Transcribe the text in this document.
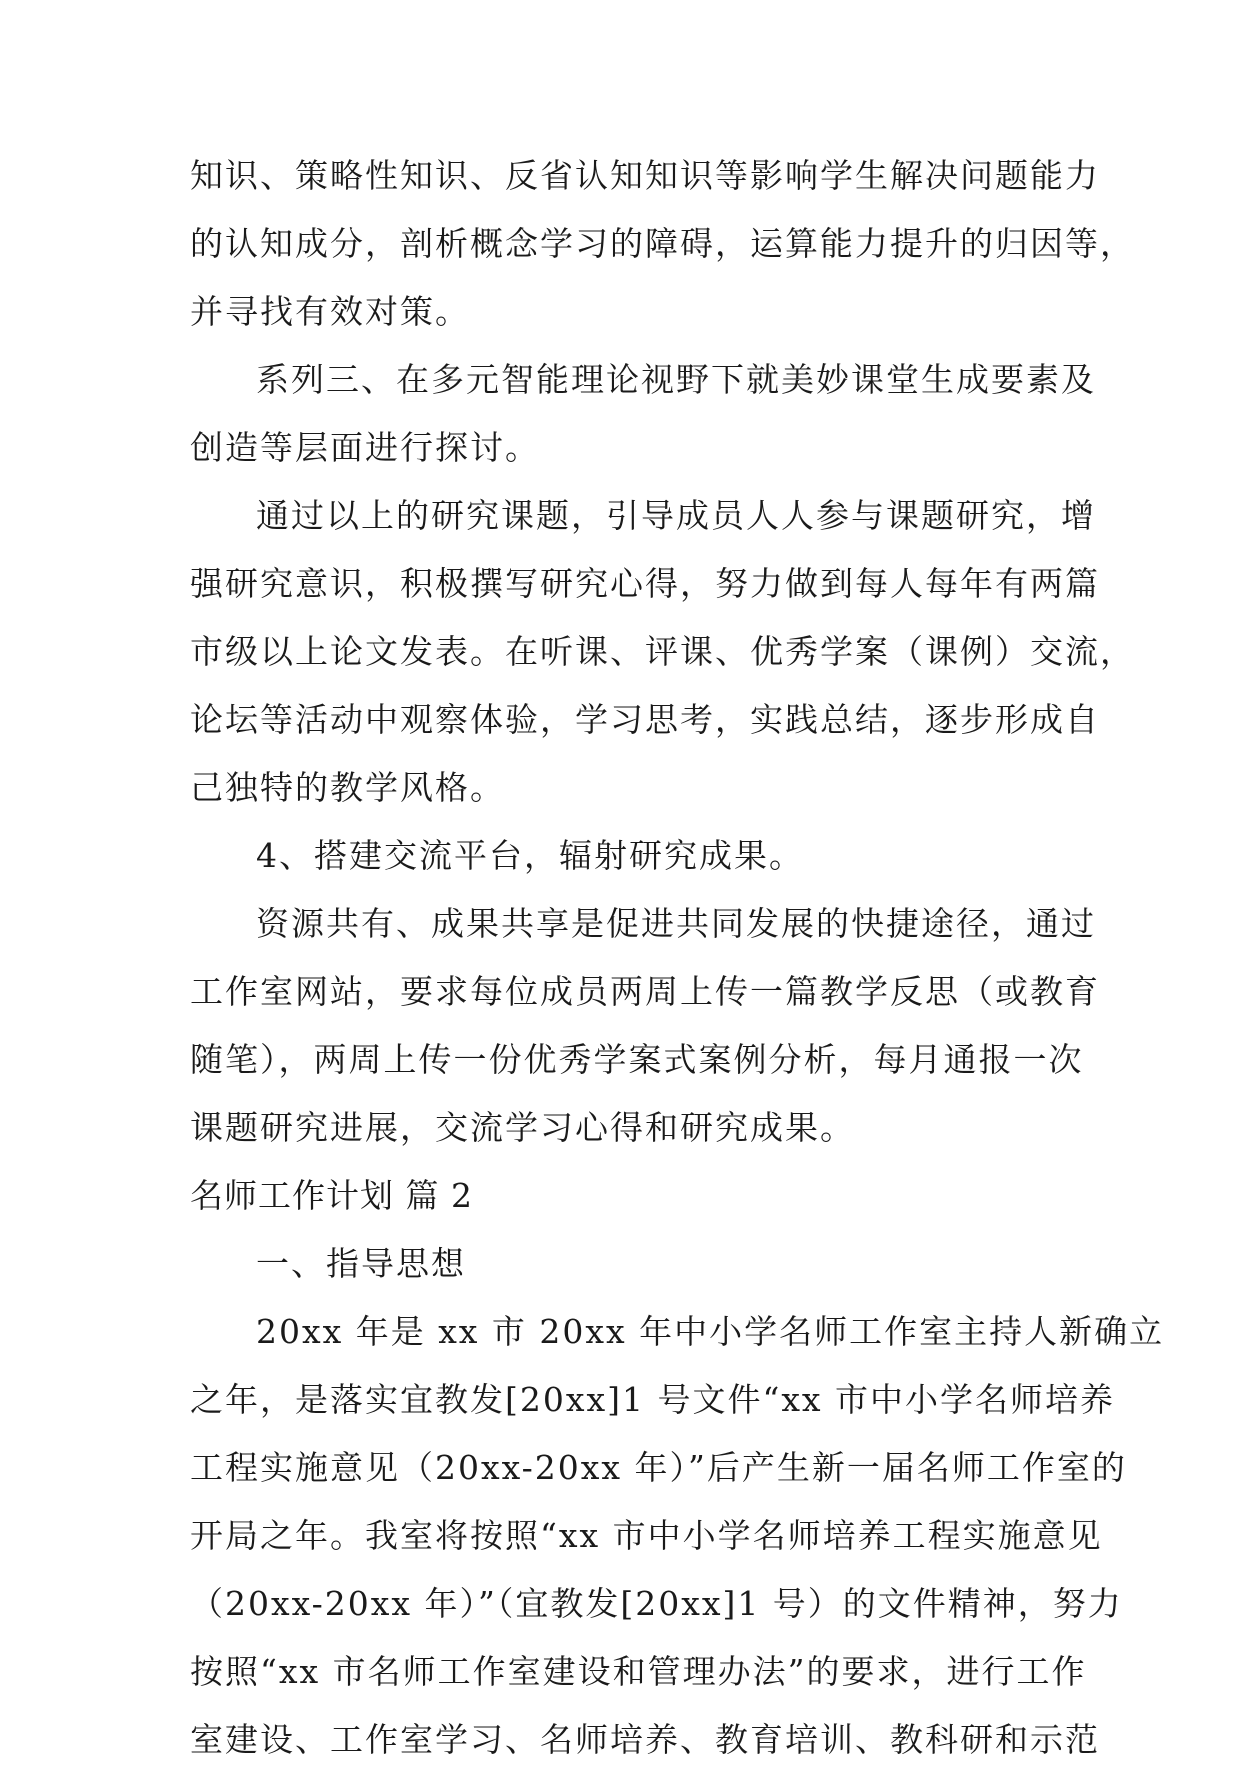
知识、策略性知识、反省认知知识等影响学生解决问题能力
的认知成分，剖析概念学习的障碍，运算能力提升的归因等，
并寻找有效对策。
系列三、在多元智能理论视野下就美妙课堂生成要素及
创造等层面进行探讨。
通过以上的研究课题，引导成员人人参与课题研究，增
强研究意识，积极撰写研究心得，努力做到每人每年有两篇
市级以上论文发表。在听课、评课、优秀学案（课例）交流，
论坛等活动中观察体验，学习思考，实践总结，逐步形成自
己独特的教学风格。
4、搭建交流平台，辐射研究成果。
资源共有、成果共享是促进共同发展的快捷途径，通过
工作室网站，要求每位成员两周上传一篇教学反思（或教育
随笔），两周上传一份优秀学案式案例分析，每月通报一次
课题研究进展，交流学习心得和研究成果。
名师工作计划 篇 2
一、指导思想
20xx 年是 xx 市 20xx 年中小学名师工作室主持人新确立
之年，是落实宜教发[20xx]1 号文件“xx 市中小学名师培养
工程实施意见（20xx-20xx 年）”后产生新一届名师工作室的
开局之年。我室将按照“xx 市中小学名师培养工程实施意见
（20xx-20xx 年）”（宜教发[20xx]1 号）的文件精神，努力
按照“xx 市名师工作室建设和管理办法”的要求，进行工作
室建设、工作室学习、名师培养、教育培训、教科研和示范
